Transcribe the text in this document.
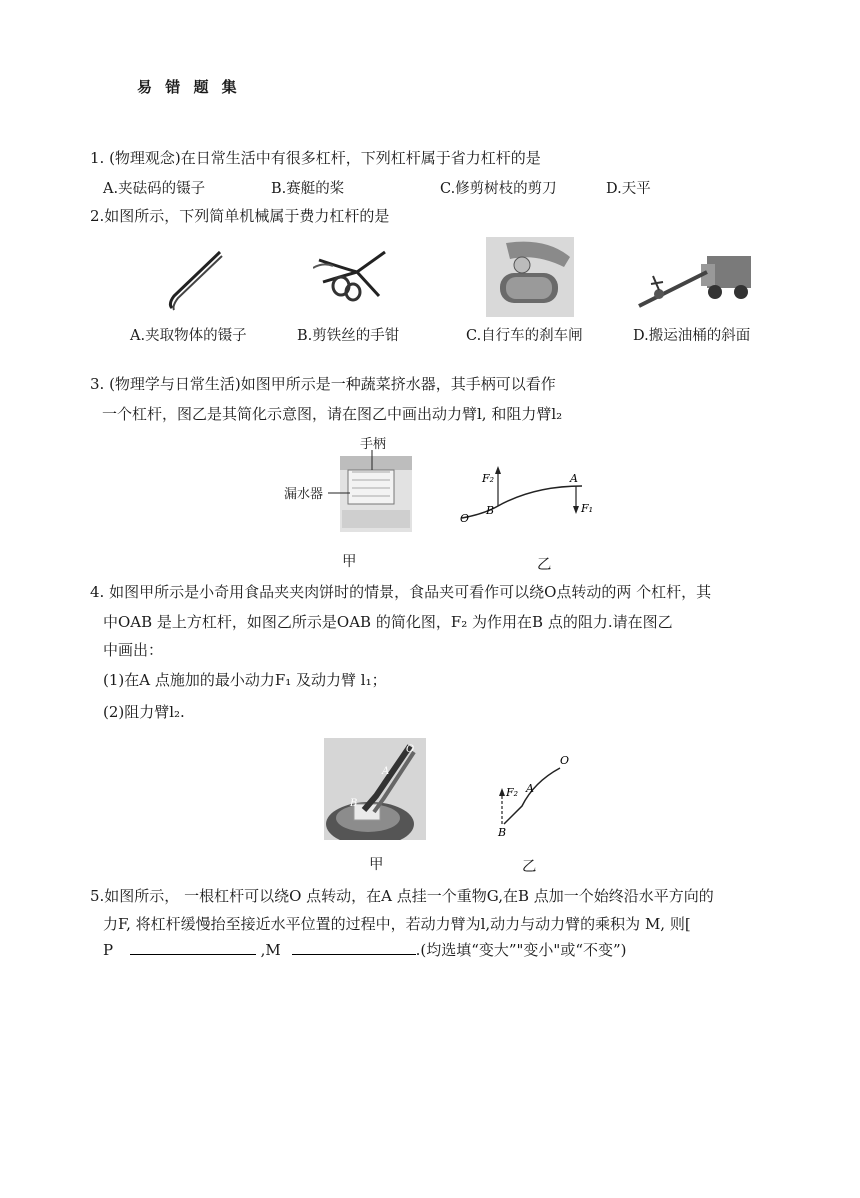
易 错 题 集
1. (物理观念)在日常生活中有很多杠杆，下列杠杆属于省力杠杆的是
A.夹砝码的镊子	B.赛艇的桨	C.修剪树枝的剪刀	D.天平
2.如图所示，下列简单机械属于费力杠杆的是
A.夹取物体的镊子	B.剪铁丝的手钳	C.自行车的刹车闸	D.搬运油桶的斜面
3. (物理学与日常生活)如图甲所示是一种蔬菜挤水器，其手柄可以看作
一个杠杆，图乙是其简化示意图，请在图乙中画出动力臂l, 和阻力臂l₂
手柄
漏水器
F₂	A
B
O
F₁
甲	乙
4. 如图甲所示是小奇用食品夹夹肉饼时的情景，食品夹可看作可以绕O点转动的两 个杠杆，其
中OAB 是上方杠杆，如图乙所示是OAB 的简化图，F₂ 为作用在B 点的阻力.请在图乙
中画出：
(1)在A 点施加的最小动力F₁ 及动力臂 l₁；
(2)阻力臂l₂.
O
A
B
O
A
F₂
B
甲	乙
5.如图所示， 一根杠杆可以绕O 点转动，在A 点挂一个重物G,在B 点加一个始终沿水平方向的
力F, 将杠杆缓慢抬至接近水平位置的过程中，若动力臂为l,动力与动力臂的乘积为 M, 则[
P	,M	.(均选填“变大”"变小"或“不变”)
